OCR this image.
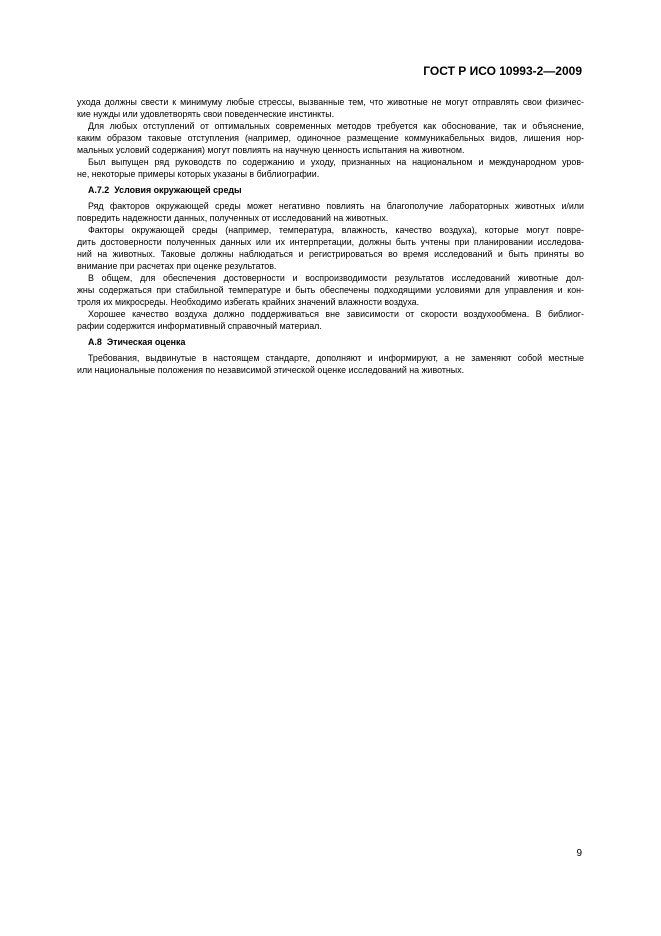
ГОСТ Р ИСО 10993-2—2009

ухода должны свести к минимуму любые стрессы, вызванные тем, что животные не могут отправлять свои физичес-
кие нужды или удовлетворять свои поведенческие инстинкты.

Для любых отступлений от оптимальных современных методов требуется как обоснование, так и объяснение,
каким образом таковые отступления (например, одиночное размещение коммуникабельных видов, лишения нор-
мальных условий содержания) могут повлиять на научную ценность испытания на животном.

Был выпущен ряд руководств по содержанию и уходу, признанных на национальном и международном уров-
не, некоторые примеры которых указаны в библиографии.

А.7.2 Условия окружающей среды

Ряд факторов окружающей среды может негативно повлиять на благополучие лабораторных животных и/или
повредить надежности данных, полученных от исследований на животных.

Факторы окружающей среды (например, температура, влажность, качество воздуха), которые могут повре-
дить достоверности полученных данных или их интерпретации, должны быть учтены при планировании исследова-
ний на животных. Таковые должны наблюдаться и регистрироваться во время исследований и быть приняты во
внимание при расчетах при оценке результатов.

В общем, для обеспечения достоверности и воспроизводимости результатов исследований животные дол-
жны содержаться при стабильной температуре и быть обеспечены подходящими условиями для управления и кон-
троля их микросреды. Необходимо избегать крайних значений влажности воздуха.

Хорошее качество воздуха должно поддерживаться вне зависимости от скорости воздухообмена. В библиог-
рафии содержится информативный справочный материал.

А.8 Этическая оценка

Требования, выдвинутые в настоящем стандарте, дополняют и информируют, а не заменяют собой местные
или национальные положения по независимой этической оценке исследований на животных.

9
